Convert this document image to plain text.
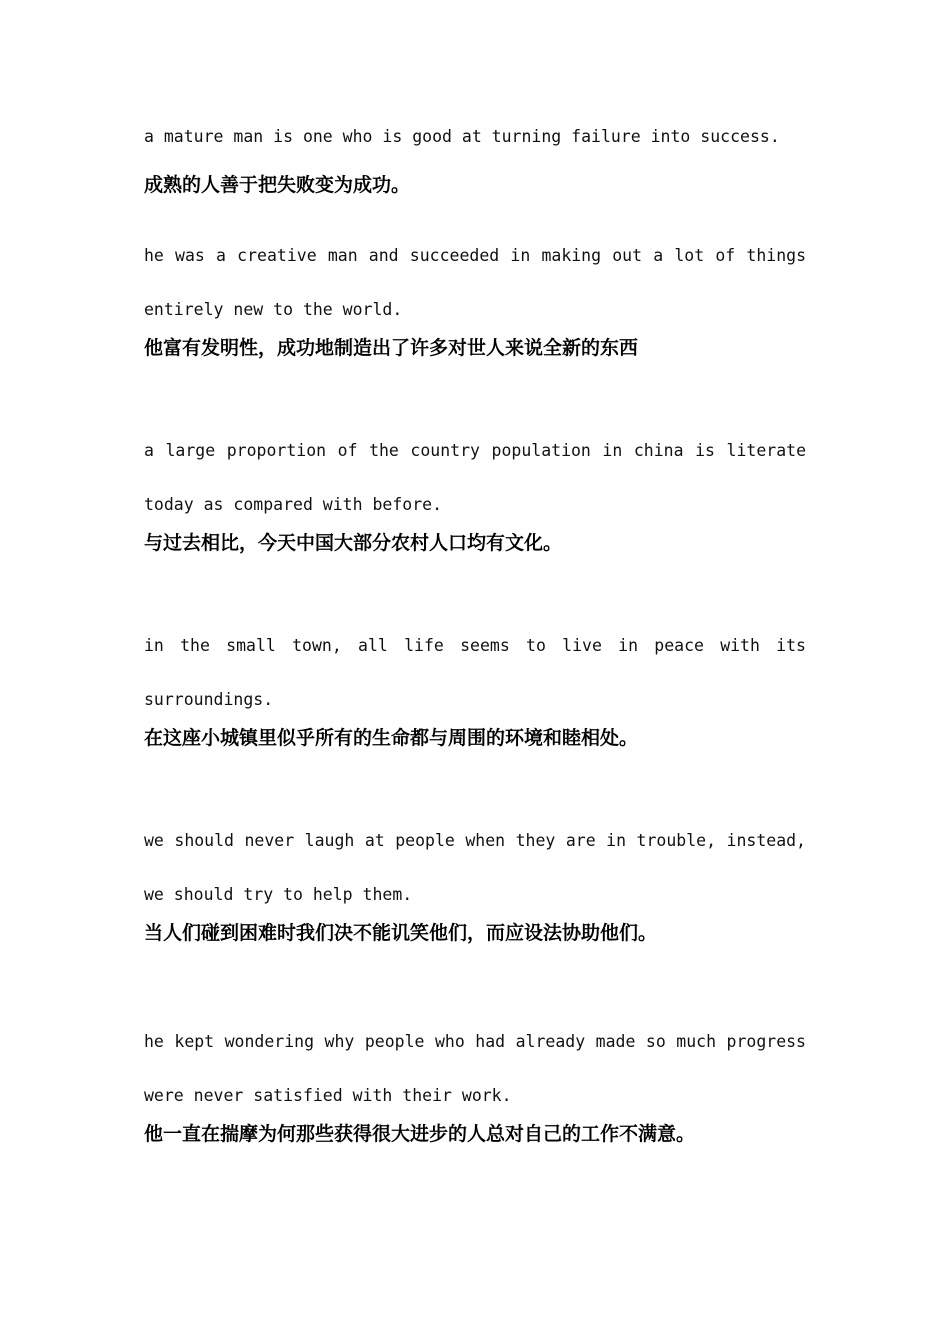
a mature man is one who is good at turning failure into success.

成熟的人善于把失败变为成功。

he was a creative man and succeeded in making out a lot of things entirely new to the world.

他富有发明性，成功地制造出了许多对世人来说全新的东西

a large proportion of the country population in china is literate today as compared with before.

与过去相比，今天中国大部分农村人口均有文化。

in the small town, all life seems to live in peace with its surroundings.

在这座小城镇里似乎所有的生命都与周围的环境和睦相处。

we should never laugh at people when they are in trouble, instead, we should try to help them.

当人们碰到困难时我们决不能讥笑他们，而应设法协助他们。

he kept wondering why people who had already made so much progress were never satisfied with their work.

他一直在揣摩为何那些获得很大进步的人总对自己的工作不满意。
